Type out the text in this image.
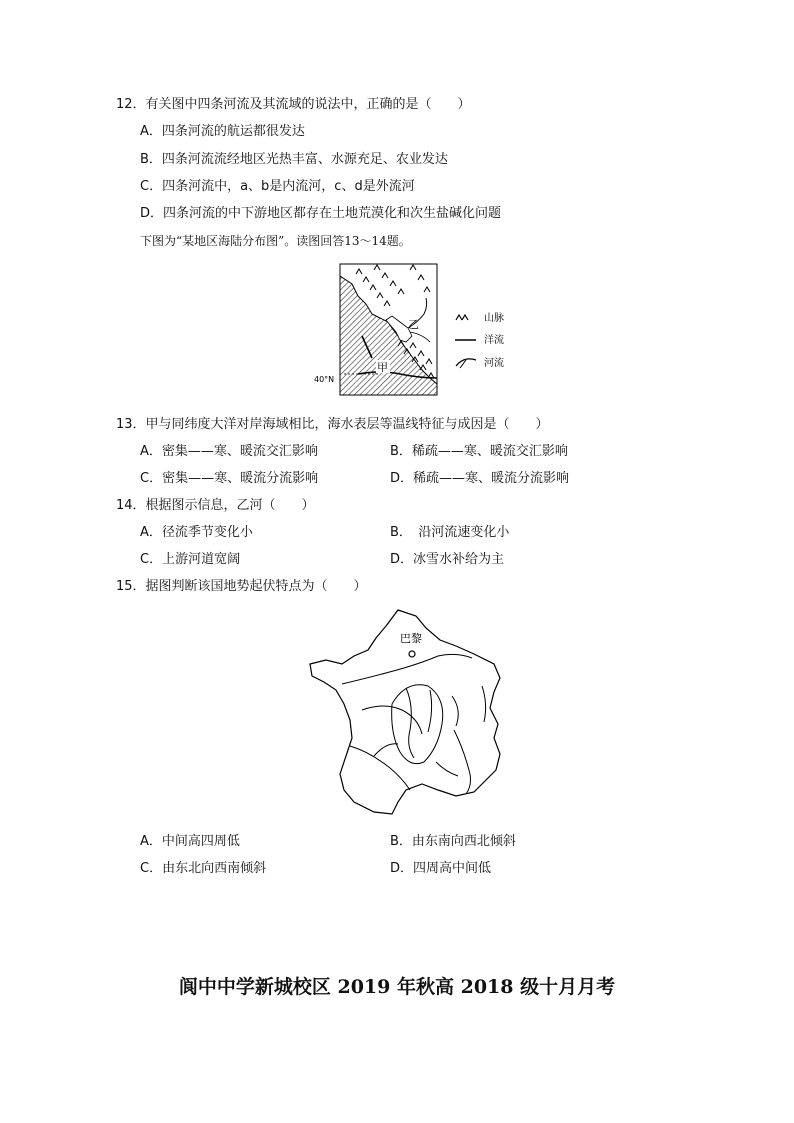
12．有关图中四条河流及其流域的说法中，正确的是（　　）
A．四条河流的航运都很发达
B．四条河流流经地区光热丰富、水源充足、农业发达
C．四条河流中，a、b是内流河，c、d是外流河
D．四条河流的中下游地区都存在土地荒漠化和次生盐碱化问题
下图为“某地区海陆分布图”。读图回答13～14题。
甲
乙
40°N
山脉
洋流
河流
13．甲与同纬度大洋对岸海域相比，海水表层等温线特征与成因是（　　）
A．密集——寒、暖流交汇影响	B．稀疏——寒、暖流交汇影响
C．密集——寒、暖流分流影响	D．稀疏——寒、暖流分流影响
14．根据图示信息，乙河（　　）
A．径流季节变化小	B．　沿河流速变化小
C．上游河道宽阔	D．冰雪水补给为主
15．据图判断该国地势起伏特点为（　　）
巴黎
A．中间高四周低	B．由东南向西北倾斜
C．由东北向西南倾斜	D．四周高中间低
阆中中学新城校区 2019 年秋高 2018 级十月月考
